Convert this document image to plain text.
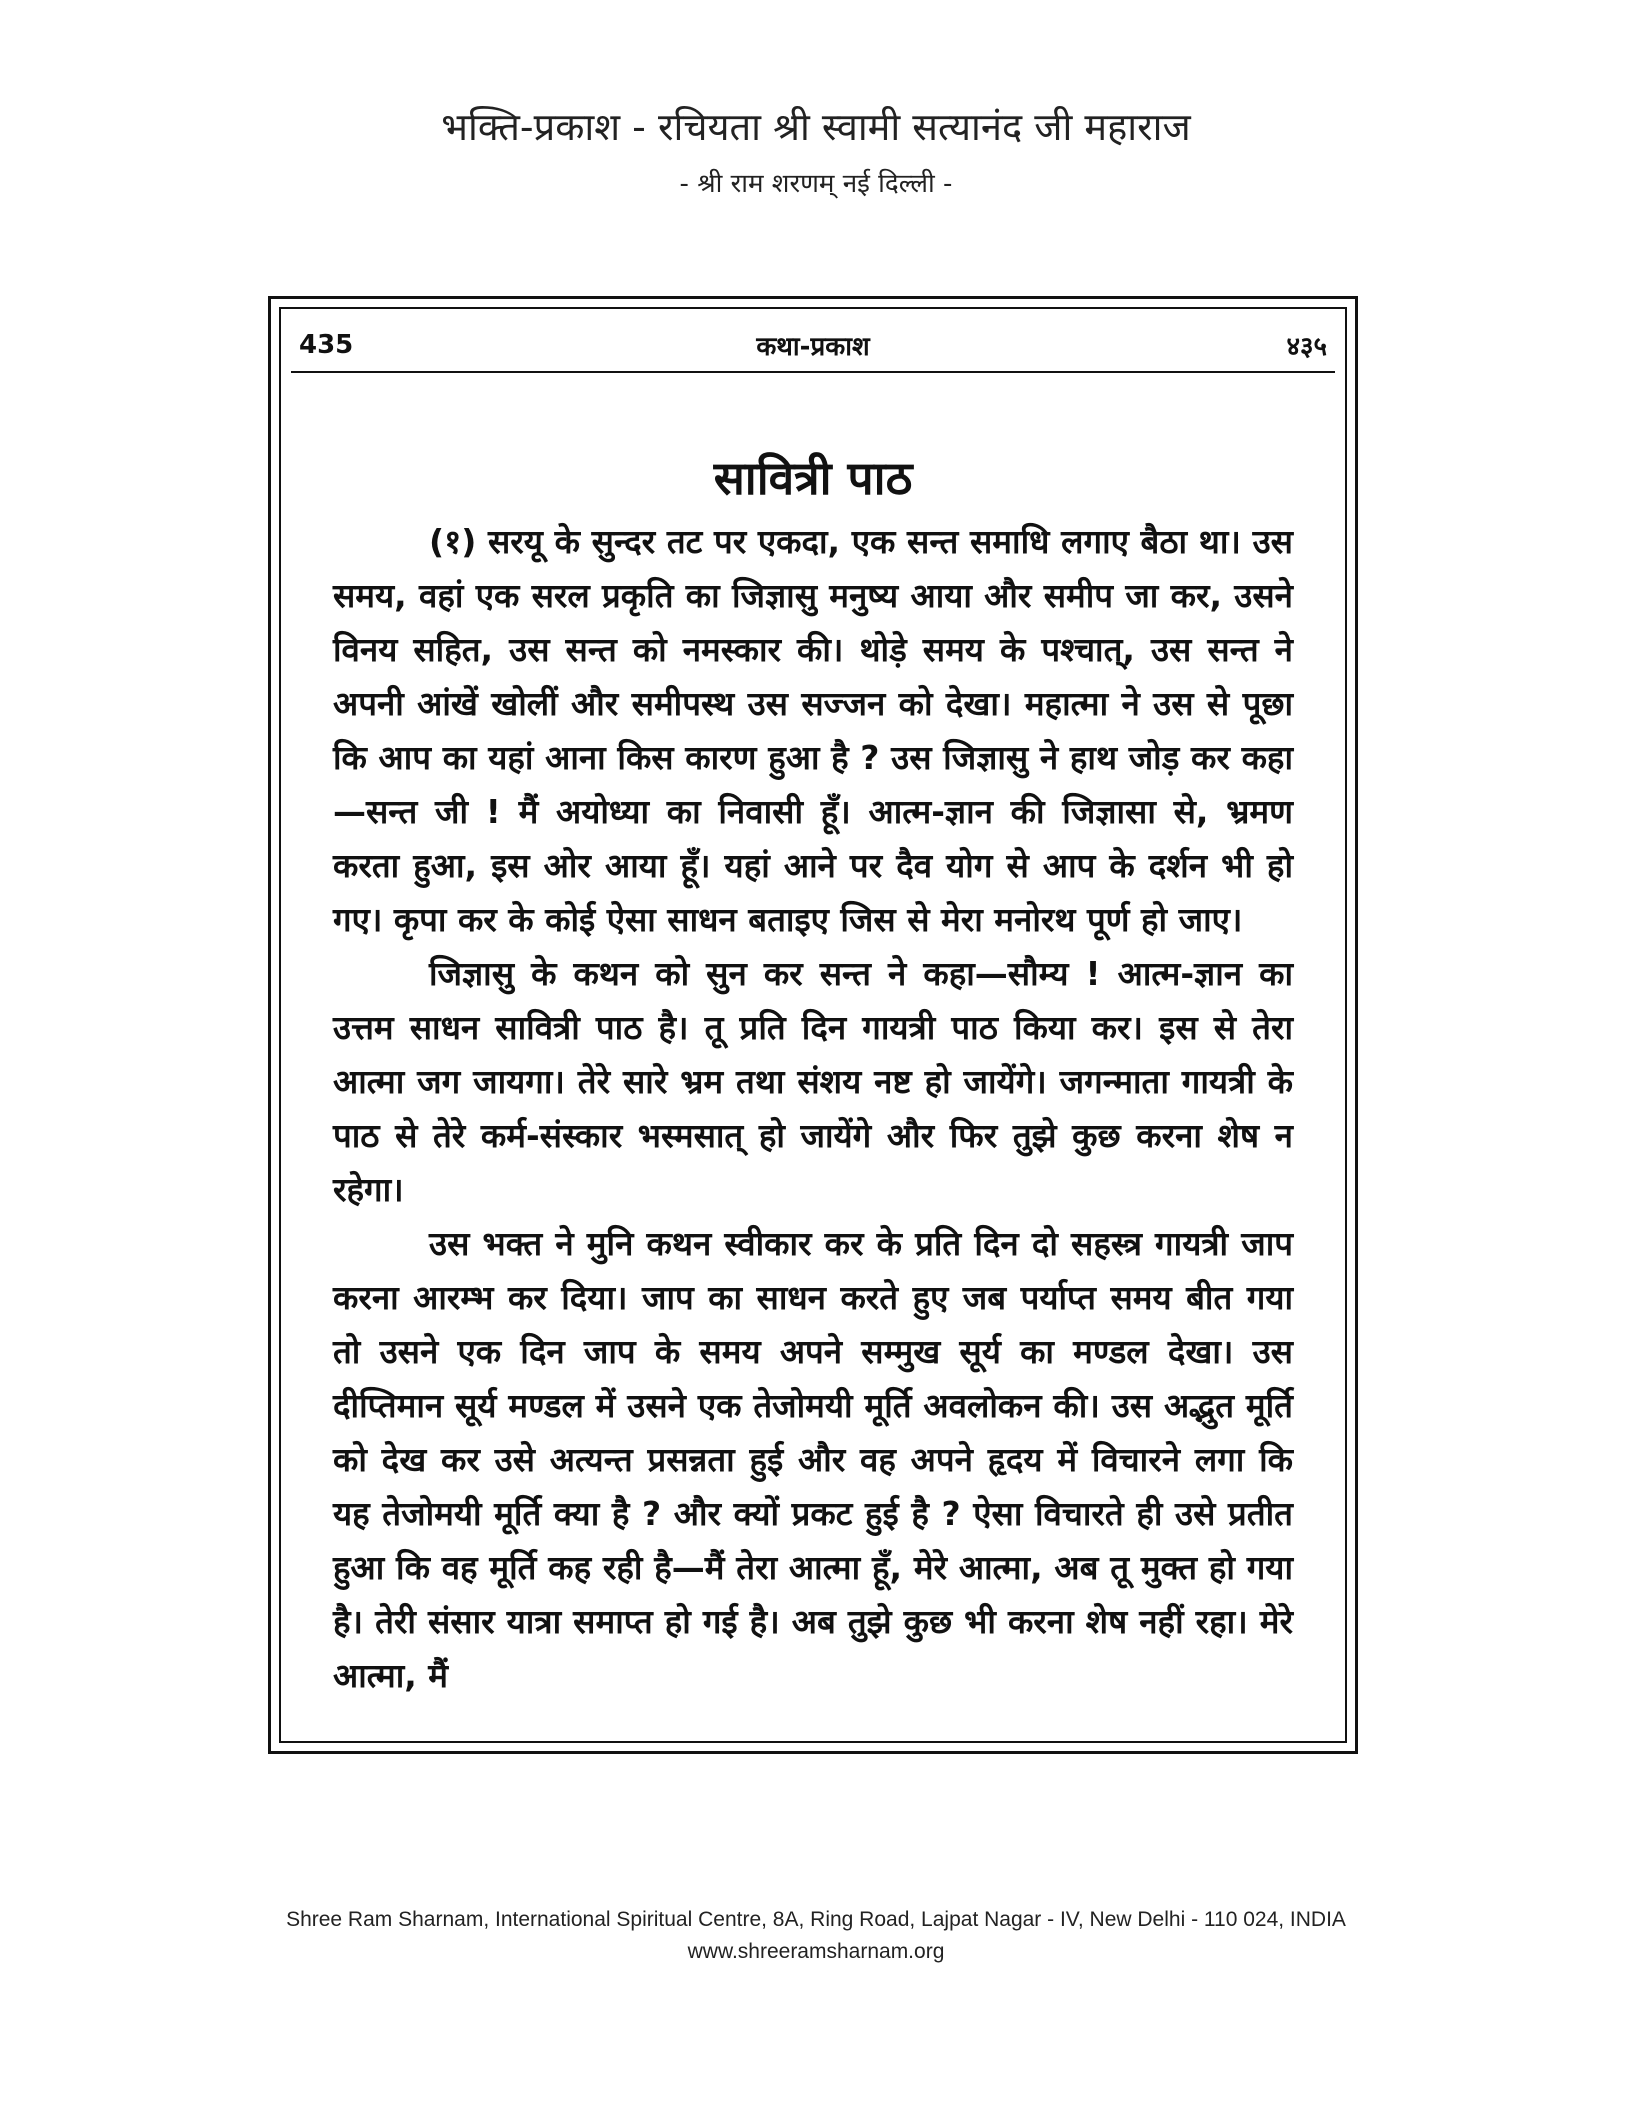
भक्ति-प्रकाश - रचियता श्री स्वामी सत्यानंद जी महाराज
- श्री राम शरणम् नई दिल्ली -
435	कथा-प्रकाश	४३५
सावित्री पाठ

(१) सरयू के सुन्दर तट पर एकदा, एक सन्त समाधि लगाए बैठा था। उस समय, वहां एक सरल प्रकृति का जिज्ञासु मनुष्य आया और समीप जा कर, उसने विनय सहित, उस सन्त को नमस्कार की। थोड़े समय के पश्चात्, उस सन्त ने अपनी आंखें खोलीं और समीपस्थ उस सज्जन को देखा। महात्मा ने उस से पूछा कि आप का यहां आना किस कारण हुआ है ? उस जिज्ञासु ने हाथ जोड़ कर कहा—सन्त जी ! मैं अयोध्या का निवासी हूँ। आत्म-ज्ञान की जिज्ञासा से, भ्रमण करता हुआ, इस ओर आया हूँ। यहां आने पर दैव योग से आप के दर्शन भी हो गए। कृपा कर के कोई ऐसा साधन बताइए जिस से मेरा मनोरथ पूर्ण हो जाए।

जिज्ञासु के कथन को सुन कर सन्त ने कहा—सौम्य ! आत्म-ज्ञान का उत्तम साधन सावित्री पाठ है। तू प्रति दिन गायत्री पाठ किया कर। इस से तेरा आत्मा जग जायगा। तेरे सारे भ्रम तथा संशय नष्ट हो जायेंगे। जगन्माता गायत्री के पाठ से तेरे कर्म-संस्कार भस्मसात् हो जायेंगे और फिर तुझे कुछ करना शेष न रहेगा।

उस भक्त ने मुनि कथन स्वीकार कर के प्रति दिन दो सहस्त्र गायत्री जाप करना आरम्भ कर दिया। जाप का साधन करते हुए जब पर्याप्त समय बीत गया तो उसने एक दिन जाप के समय अपने सम्मुख सूर्य का मण्डल देखा। उस दीप्तिमान सूर्य मण्डल में उसने एक तेजोमयी मूर्ति अवलोकन की। उस अद्भुत मूर्ति को देख कर उसे अत्यन्त प्रसन्नता हुई और वह अपने हृदय में विचारने लगा कि यह तेजोमयी मूर्ति क्या है ? और क्यों प्रकट हुई है ? ऐसा विचारते ही उसे प्रतीत हुआ कि वह मूर्ति कह रही है—मैं तेरा आत्मा हूँ, मेरे आत्मा, अब तू मुक्त हो गया है। तेरी संसार यात्रा समाप्त हो गई है। अब तुझे कुछ भी करना शेष नहीं रहा। मेरे आत्मा, मैं

Shree Ram Sharnam, International Spiritual Centre, 8A, Ring Road, Lajpat Nagar - IV, New Delhi - 110 024, INDIA
www.shreeramsharnam.org
